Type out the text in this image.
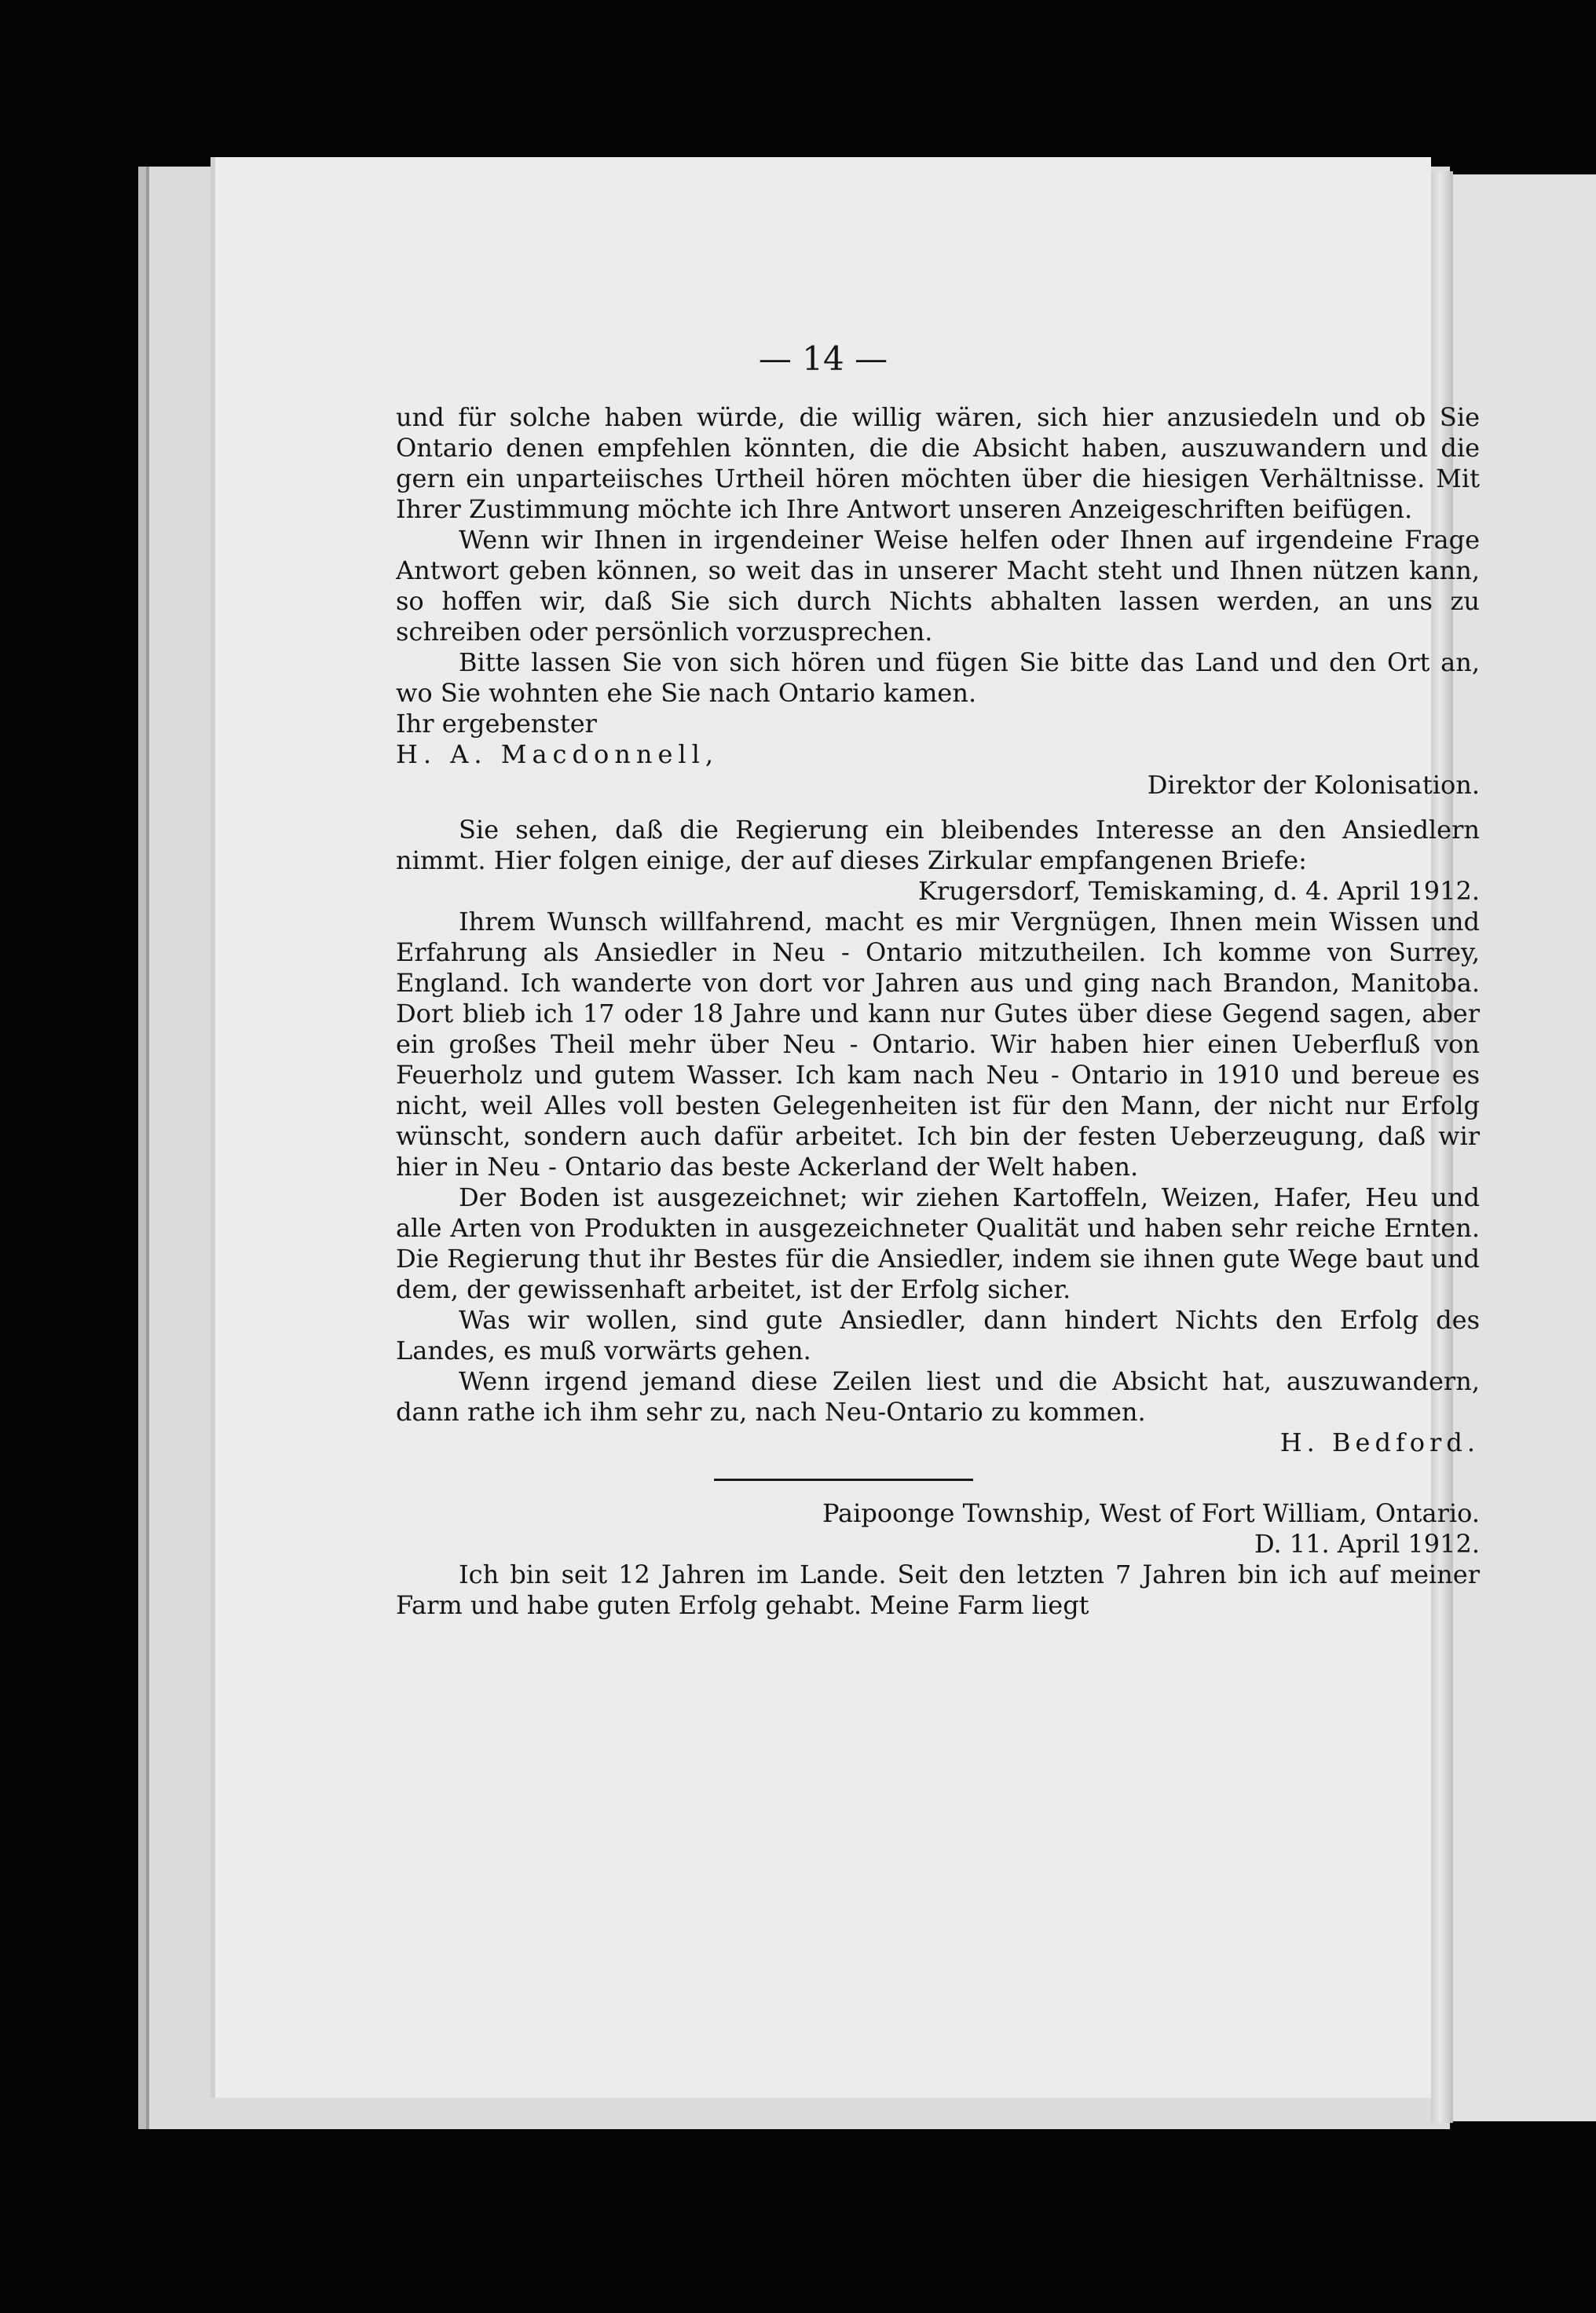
— 14 —

und für solche haben würde, die willig wären, sich hier anzusiedeln und ob Sie Ontario denen empfehlen könnten, die die Absicht haben, auszuwandern und die gern ein unparteiisches Urtheil hören möchten über die hiesigen Verhältnisse. Mit Ihrer Zustimmung möchte ich Ihre Antwort unseren Anzeigeschriften beifügen.

Wenn wir Ihnen in irgendeiner Weise helfen oder Ihnen auf irgendeine Frage Antwort geben können, so weit das in unserer Macht steht und Ihnen nützen kann, so hoffen wir, daß Sie sich durch Nichts abhalten lassen werden, an uns zu schreiben oder persönlich vorzusprechen.

Bitte lassen Sie von sich hören und fügen Sie bitte das Land und den Ort an, wo Sie wohnten ehe Sie nach Ontario kamen.

Ihr ergebenster

H. A. Macdonnell,

Direktor der Kolonisation.

Sie sehen, daß die Regierung ein bleibendes Interesse an den Ansiedlern nimmt. Hier folgen einige, der auf dieses Zirkular empfangenen Briefe:

Krugersdorf, Temiskaming, d. 4. April 1912.

Ihrem Wunsch willfahrend, macht es mir Vergnügen, Ihnen mein Wissen und Erfahrung als Ansiedler in Neu - Ontario mitzutheilen. Ich komme von Surrey, England. Ich wanderte von dort vor Jahren aus und ging nach Brandon, Manitoba. Dort blieb ich 17 oder 18 Jahre und kann nur Gutes über diese Gegend sagen, aber ein großes Theil mehr über Neu - Ontario. Wir haben hier einen Ueberfluß von Feuerholz und gutem Wasser. Ich kam nach Neu - Ontario in 1910 und bereue es nicht, weil Alles voll besten Gelegenheiten ist für den Mann, der nicht nur Erfolg wünscht, sondern auch dafür arbeitet. Ich bin der festen Ueberzeugung, daß wir hier in Neu - Ontario das beste Ackerland der Welt haben.

Der Boden ist ausgezeichnet; wir ziehen Kartoffeln, Weizen, Hafer, Heu und alle Arten von Produkten in ausgezeichneter Qualität und haben sehr reiche Ernten. Die Regierung thut ihr Bestes für die Ansiedler, indem sie ihnen gute Wege baut und dem, der gewissenhaft arbeitet, ist der Erfolg sicher.

Was wir wollen, sind gute Ansiedler, dann hindert Nichts den Erfolg des Landes, es muß vorwärts gehen.

Wenn irgend jemand diese Zeilen liest und die Absicht hat, auszuwandern, dann rathe ich ihm sehr zu, nach Neu-Ontario zu kommen.

H. Bedford.

Paipoonge Township, West of Fort William, Ontario.

D. 11. April 1912.

Ich bin seit 12 Jahren im Lande. Seit den letzten 7 Jahren bin ich auf meiner Farm und habe guten Erfolg gehabt. Meine Farm liegt
